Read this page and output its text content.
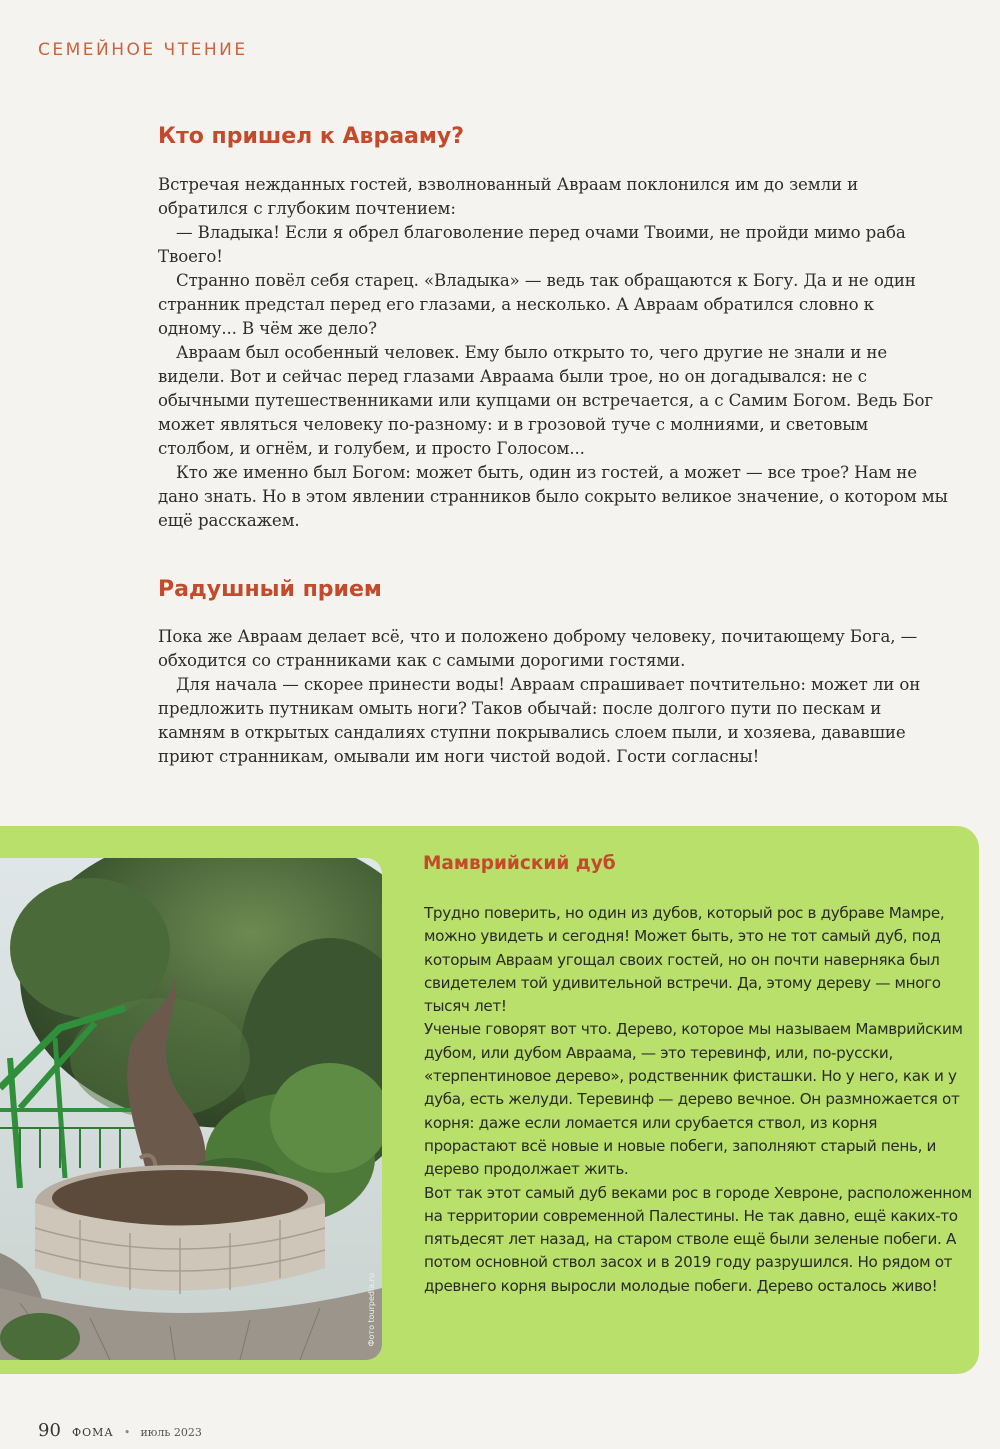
СЕМЕЙНОЕ ЧТЕНИЕ
Кто пришел к Аврааму?

Встречая нежданных гостей, взволнованный Авраам поклонился им до земли и обратился с глубоким почтением:

— Владыка! Если я обрел благоволение перед очами Твоими, не пройди мимо раба Твоего!

Странно повёл себя старец. «Владыка» — ведь так обращаются к Богу. Да и не один странник предстал перед его глазами, а несколько. А Авраам обратился словно к одному... В чём же дело?

Авраам был особенный человек. Ему было открыто то, чего другие не знали и не видели. Вот и сейчас перед глазами Авраама были трое, но он догадывался: не с обычными путешественниками или купцами он встречается, а с Самим Богом. Ведь Бог может являться человеку по-разному: и в грозовой туче с молниями, и световым столбом, и огнём, и голубем, и просто Голосом...

Кто же именно был Богом: может быть, один из гостей, а может — все трое? Нам не дано знать. Но в этом явлении странников было сокрыто великое значение, о котором мы ещё расскажем.

Радушный прием

Пока же Авраам делает всё, что и положено доброму человеку, почитающему Бога, — обходится со странниками как с самыми дорогими гостями.

Для начала — скорее принести воды! Авраам спрашивает почтительно: может ли он предложить путникам омыть ноги? Таков обычай: после долгого пути по пескам и камням в открытых сандалиях ступни покрывались слоем пыли, и хозяева, дававшие приют странникам, омывали им ноги чистой водой. Гости согласны!

Фото tourpedia.ru
Мамврийский дуб

Трудно поверить, но один из дубов, который рос в дубраве Мамре, можно увидеть и сегодня! Может быть, это не тот самый дуб, под которым Авраам угощал своих гостей, но он почти наверняка был свидетелем той удивительной встречи. Да, этому дереву — много тысяч лет!

Ученые говорят вот что. Дерево, которое мы называем Мамврийским дубом, или дубом Авраама, — это теревинф, или, по-русски, «терпентиновое дерево», родственник фисташки. Но у него, как и у дуба, есть желуди. Теревинф — дерево вечное. Он размножается от корня: даже если ломается или срубается ствол, из корня прорастают всё новые и новые побеги, заполняют старый пень, и дерево продолжает жить.

Вот так этот самый дуб веками рос в городе Хевроне, расположенном на территории современной Палестины. Не так давно, ещё каких-то пятьдесят лет назад, на старом стволе ещё были зеленые побеги. А потом основной ствол засох и в 2019 году разрушился. Но рядом от древнего корня выросли молодые побеги. Дерево осталось живо!

90 ФОМА • июль 2023
